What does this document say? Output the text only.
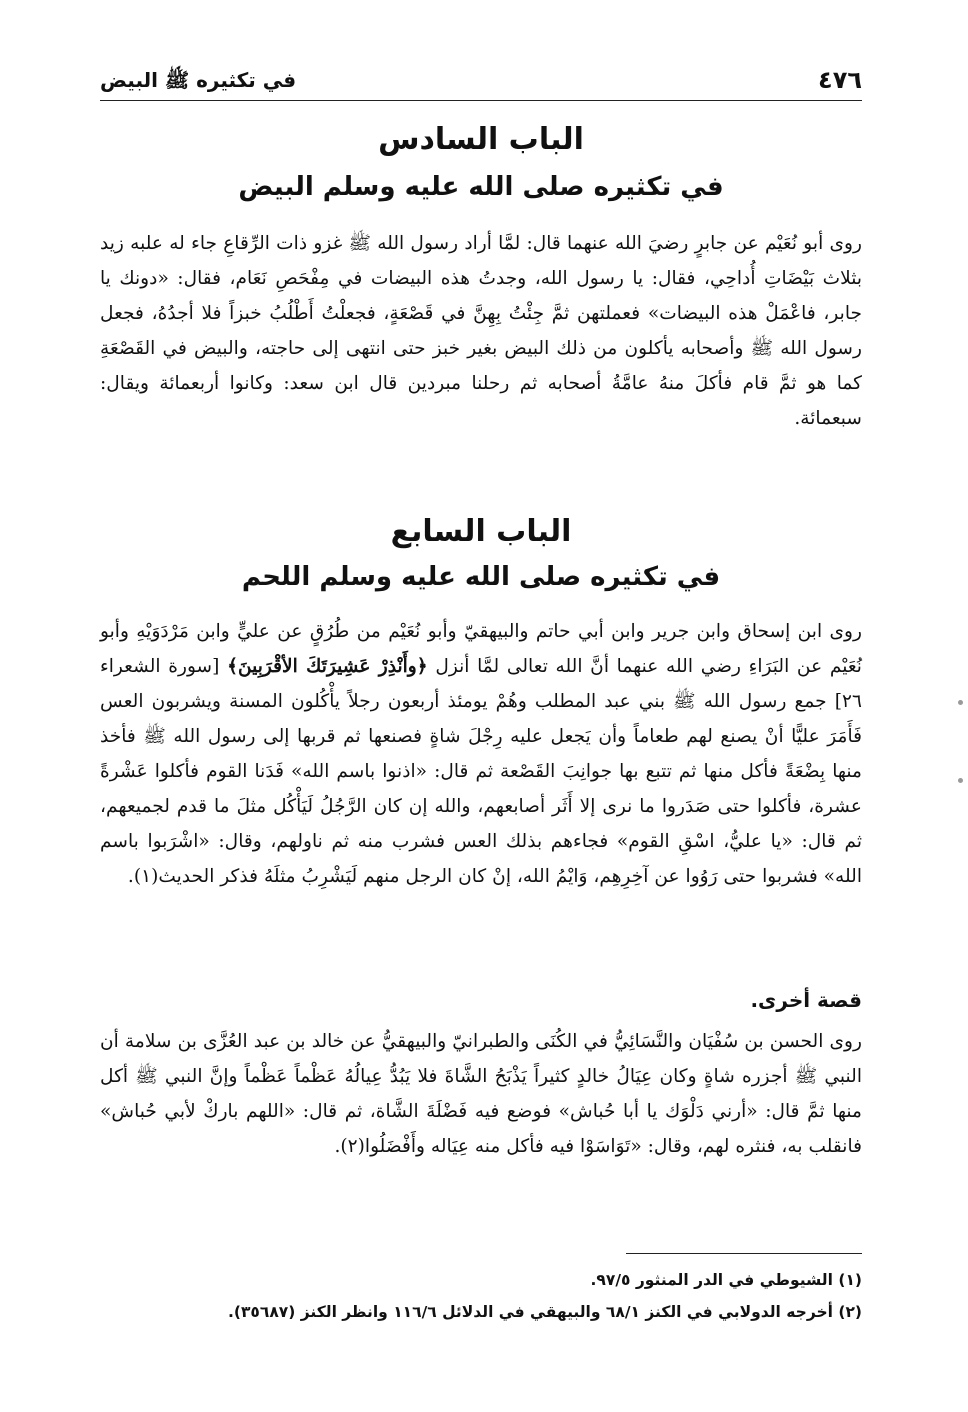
٤٧٦
في تكثيره ﷺ البيض
الباب السادس
في تكثيره صلى الله عليه وسلم البيض

روى أبو نُعَيْم عن جابرٍ رضيَ الله عنهما قال: لمَّا أراد رسول الله ﷺ غزو ذات الرِّقاعِ جاء له علبه زيد بثلاث بَيْضَاتِ أُداحِي، فقال: يا رسول الله، وجدتُ هذه البيضات في مِفْحَصِ نَعَام، فقال: «دونك يا جابر، فاعْمَلْ هذه البيضات» فعملتهن ثمَّ جِئْتُ بِهِنَّ في قَصْعَةٍ، فجعلْتُ أَطْلُبُ خبزاً فلا أجدُهُ، فجعل رسول الله ﷺ وأصحابه يأكلون من ذلك البيض بغير خبز حتى انتهى إلى حاجته، والبيض في القَصْعَةِ كما هو ثمَّ قام فأكلَ منهُ عامَّةُ أصحابه ثم رحلنا مبردين قال ابن سعد: وكانوا أربعمائة ويقال: سبعمائة.

الباب السابع
في تكثيره صلى الله عليه وسلم اللحم

روى ابن إسحاق وابن جرير وابن أبي حاتم والبيهقيّ وأبو نُعَيْم من طُرُقٍ عن عليٍّ وابن مَرْدَوَيْهِ وأبو نُعَيْم عن البَرَاءِ رضي الله عنهما أنَّ الله تعالى لمَّا أنزل ﴿وأَنْذِرْ عَشِيرَتَكَ الأقْرَبِينَ﴾ [سورة الشعراء ٢٦] جمع رسول الله ﷺ بني عبد المطلب وهُمْ يومئذ أربعون رجلاً يأْكُلون المسنة ويشربون العس فَأَمَرَ عليًّا أنْ يصنع لهم طعاماً وأن يَجعل عليه رِجْلَ شاةٍ فصنعها ثم قربها إلى رسول الله ﷺ فأخذ منها بِضْعَةً فأكل منها ثم تتبع بها جوانِبَ القَصْعة ثم قال: «اذنوا باسم الله» فَدَنا القوم فأكلوا عَشْرةً عشرة، فأكلوا حتى صَدَروا ما نرى إلا أَثَر أصابعهم، والله إن كان الرَّجُلُ لَيَأْكُل مثلَ ما قدم لجميعهم، ثم قال: «يا عليُّ، اسْقِ القوم» فجاءهم بذلك العس فشرب منه ثم ناولهم، وقال: «اشْرَبوا باسم الله» فشربوا حتى رَوُوا عن آخِرِهِم، وَايْمُ الله، إنْ كان الرجل منهم لَيَشْرِبُ مثلَهُ فذكر الحديث(١).

قصة أخرى.

روى الحسن بن سُفْيَان والنَّسَائِيُّ في الكُنَى والطبرانيّ والبيهقيُّ عن خالد بن عبد العُزَّى بن سلامة أن النبي ﷺ أجزره شاةٍ وكان عِيَالُ خالدٍ كثيراً يَذْبَحُ الشَّاةَ فلا يَبُدُّ عِيالُهُ عَظْماً عَظْماً وإنَّ النبي ﷺ أكل منها ثمَّ قال: «أرني دَلْوَك يا أبا حُباش» فوضع فيه فَضْلَةَ الشَّاة، ثم قال: «اللهم باركْ لأبي حُباش» فانقلب به، فنثره لهم، وقال: «تَوَاسَوْا فيه فأكل منه عِيَاله وأَفْضَلُوا(٢).

(١) الشيوطي في الدر المنثور ٩٧/٥.
(٢) أخرجه الدولابي في الكنز ٦٨/١ والبيهقي في الدلائل ١١٦/٦ وانظر الكنز (٣٥٦٨٧).
